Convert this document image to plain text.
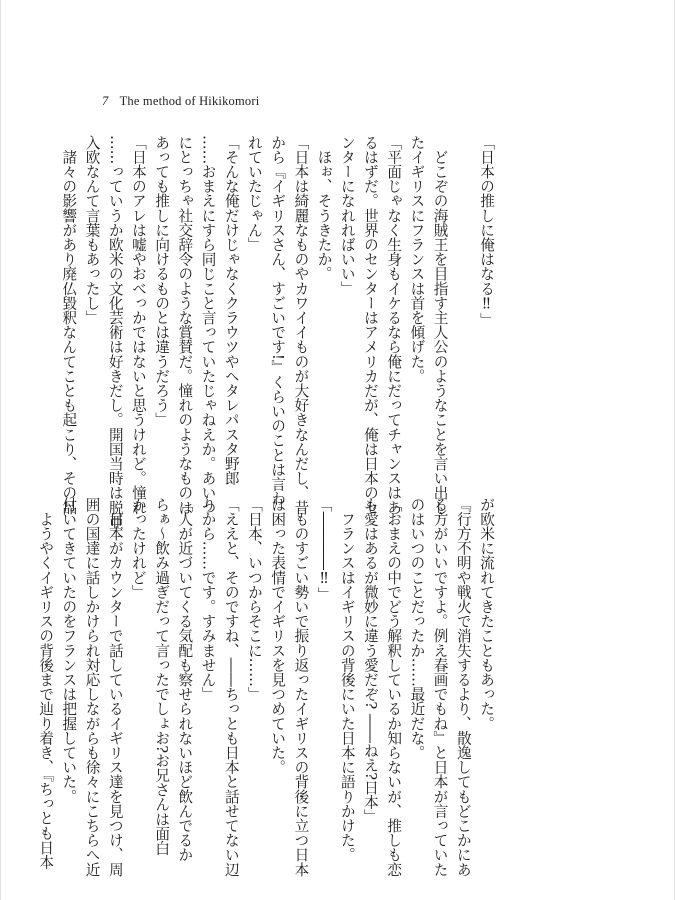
7 The method of Hikikomori
「日本の推しに俺はなる‼」

　どこぞの海賊王を目指す主人公のようなことを言い出し
たイギリスにフランスは首を傾げた。
「平面じゃなく生身もイケるなら俺にだってチャンスはあ
るはずだ。世界のセンターはアメリカだが、俺は日本のセ
ンターになれればいい」
　ほぉ、そうきたか。
「日本は綺麗なものやカワイイものが大好きなんだし、昔
から『イギリスさん、すごいです!』くらいのことは言わ
れていたじゃん」
「そんな俺だけじゃなくクラウツやヘタレパスタ野郎
……おまえにすら同じこと言っていたじゃねえか。あいつ
にとっちゃ社交辞令のような賞賛だ。憧れのようなものは
あっても推しに向けるものとは違うだろう」
「日本のアレは嘘やおべっかではないと思うけれど。憧れ
……っていうか欧米の文化芸術は好きだし。開国当時は脱亜
入欧なんて言葉もあったし」
　諸々の影響があり廃仏毀釈なんてことも起こり、その品
が欧米に流れてきたこともあった。
『行方不明や戦火で消失するより、散逸してもどこかにあ
る方がいいですよ。例え春画でもね』と日本が言っていた
のはいつのことだったか……最近だな。
「おまえの中でどう解釈しているか知らないが、推しも恋
も愛はあるが微妙に違う愛だぞ? ――ねえ?日本」
　フランスはイギリスの背後にいた日本に語りかけた。
「――――‼」
　ものすごい勢いで振り返ったイギリスの背後に立つ日本
は困った表情でイギリスを見つめていた。
「日本、いつからそこに……」
「ええと、そのですね、――ちっとも日本と話せてない辺
りから……です。すみません」
「人が近づいてくる気配も察せられないほど飲んでるか
らぁ～飲み過ぎだって言ったでしょお?お兄さんは面白
かったけれど」
　日本がカウンターで話しているイギリス達を見つけ、周
囲の国達に話しかけられ対応しながらも徐々にこちらへ近
付いてきていたのをフランスは把握していた。
　ようやくイギリスの背後まで辿り着き、『ちっとも日本
